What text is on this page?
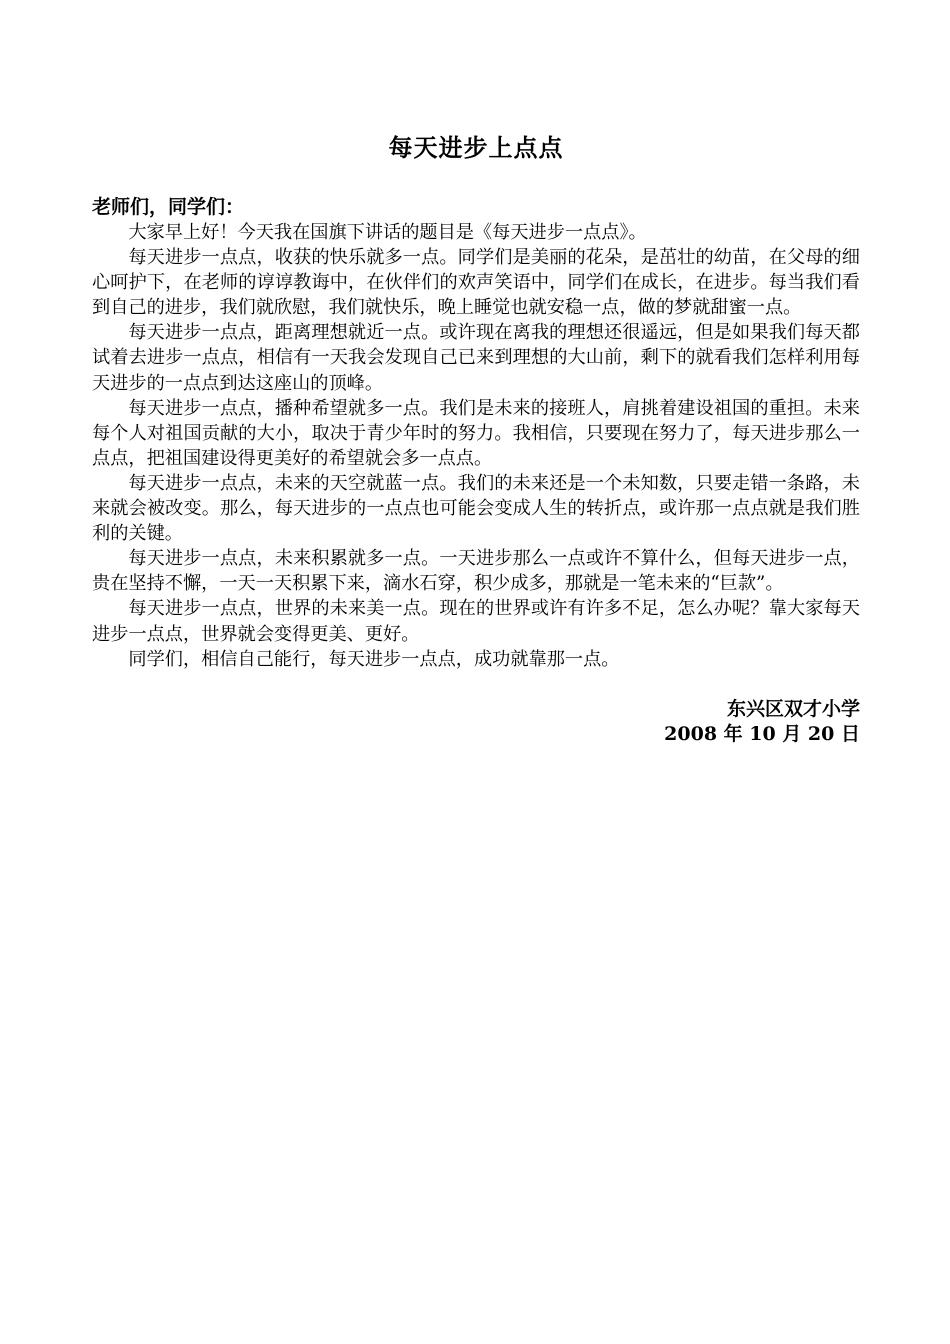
每天进步上点点

老师们，同学们：

大家早上好！今天我在国旗下讲话的题目是《每天进步一点点》。

每天进步一点点，收获的快乐就多一点。同学们是美丽的花朵，是茁壮的幼苗，在父母的细心呵护下，在老师的谆谆教诲中，在伙伴们的欢声笑语中，同学们在成长，在进步。每当我们看到自己的进步，我们就欣慰，我们就快乐，晚上睡觉也就安稳一点，做的梦就甜蜜一点。

每天进步一点点，距离理想就近一点。或许现在离我的理想还很遥远，但是如果我们每天都试着去进步一点点，相信有一天我会发现自己已来到理想的大山前，剩下的就看我们怎样利用每天进步的一点点到达这座山的顶峰。

每天进步一点点，播种希望就多一点。我们是未来的接班人，肩挑着建设祖国的重担。未来每个人对祖国贡献的大小，取决于青少年时的努力。我相信，只要现在努力了，每天进步那么一点点，把祖国建设得更美好的希望就会多一点点。

每天进步一点点，未来的天空就蓝一点。我们的未来还是一个未知数，只要走错一条路，未来就会被改变。那么，每天进步的一点点也可能会变成人生的转折点，或许那一点点就是我们胜利的关键。

每天进步一点点，未来积累就多一点。一天进步那么一点或许不算什么，但每天进步一点，贵在坚持不懈，一天一天积累下来，滴水石穿，积少成多，那就是一笔未来的“巨款”。

每天进步一点点，世界的未来美一点。现在的世界或许有许多不足，怎么办呢？靠大家每天进步一点点，世界就会变得更美、更好。

同学们，相信自己能行，每天进步一点点，成功就靠那一点。

东兴区双才小学
2008 年 10 月 20 日
